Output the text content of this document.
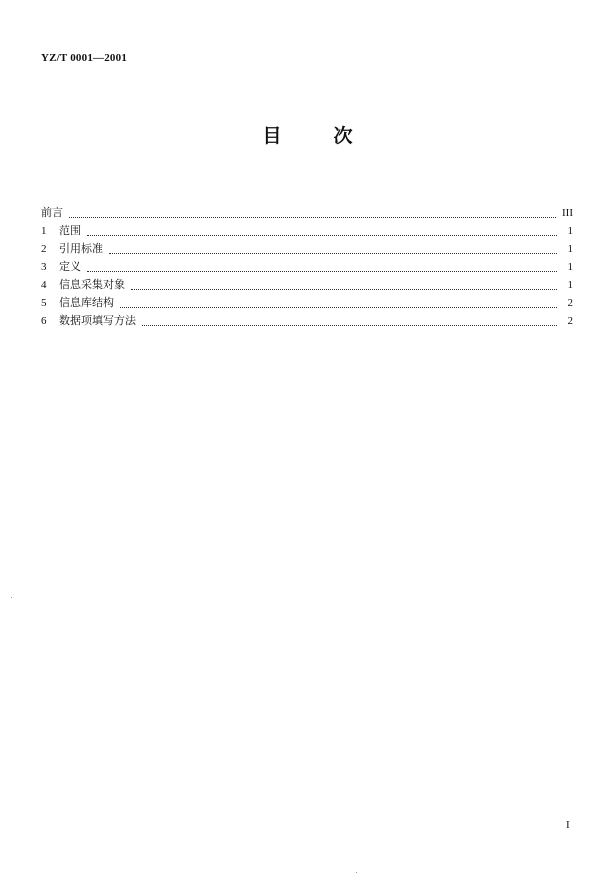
YZ/T 0001—2001
目	次
前言	III
1	范围	1
2	引用标准	1
3	定义	1
4	信息采集对象	1
5	信息库结构	2
6	数据项填写方法	2
I
